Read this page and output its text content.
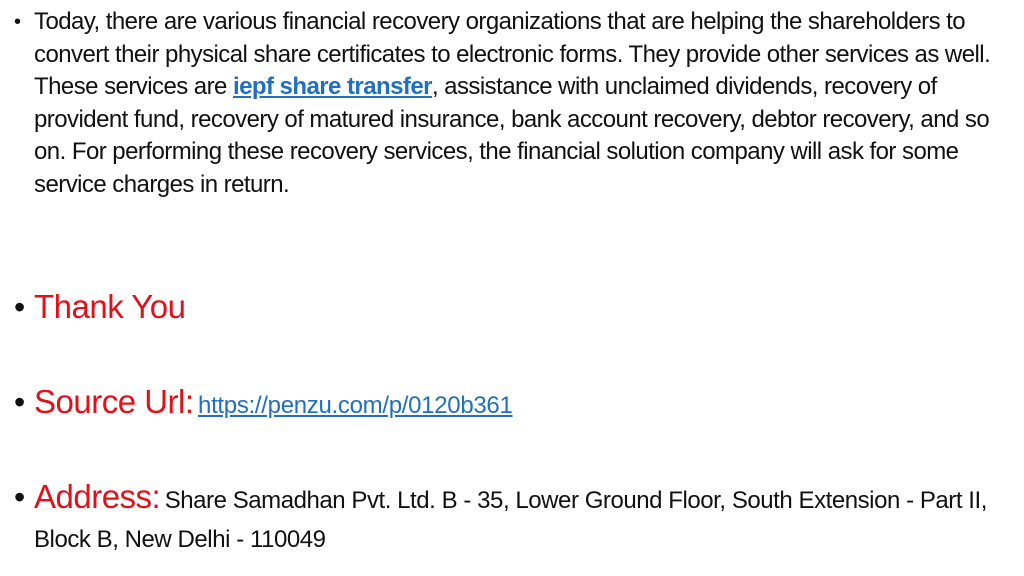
• Today, there are various financial recovery organizations that are helping the shareholders to convert their physical share certificates to electronic forms. They provide other services as well. These services are iepf share transfer, assistance with unclaimed dividends, recovery of provident fund, recovery of matured insurance, bank account recovery, debtor recovery, and so on. For performing these recovery services, the financial solution company will ask for some service charges in return.
• Thank You
• Source Url: https://penzu.com/p/0120b361
• Address: Share Samadhan Pvt. Ltd. B - 35, Lower Ground Floor, South Extension - Part II, Block B, New Delhi - 110049
